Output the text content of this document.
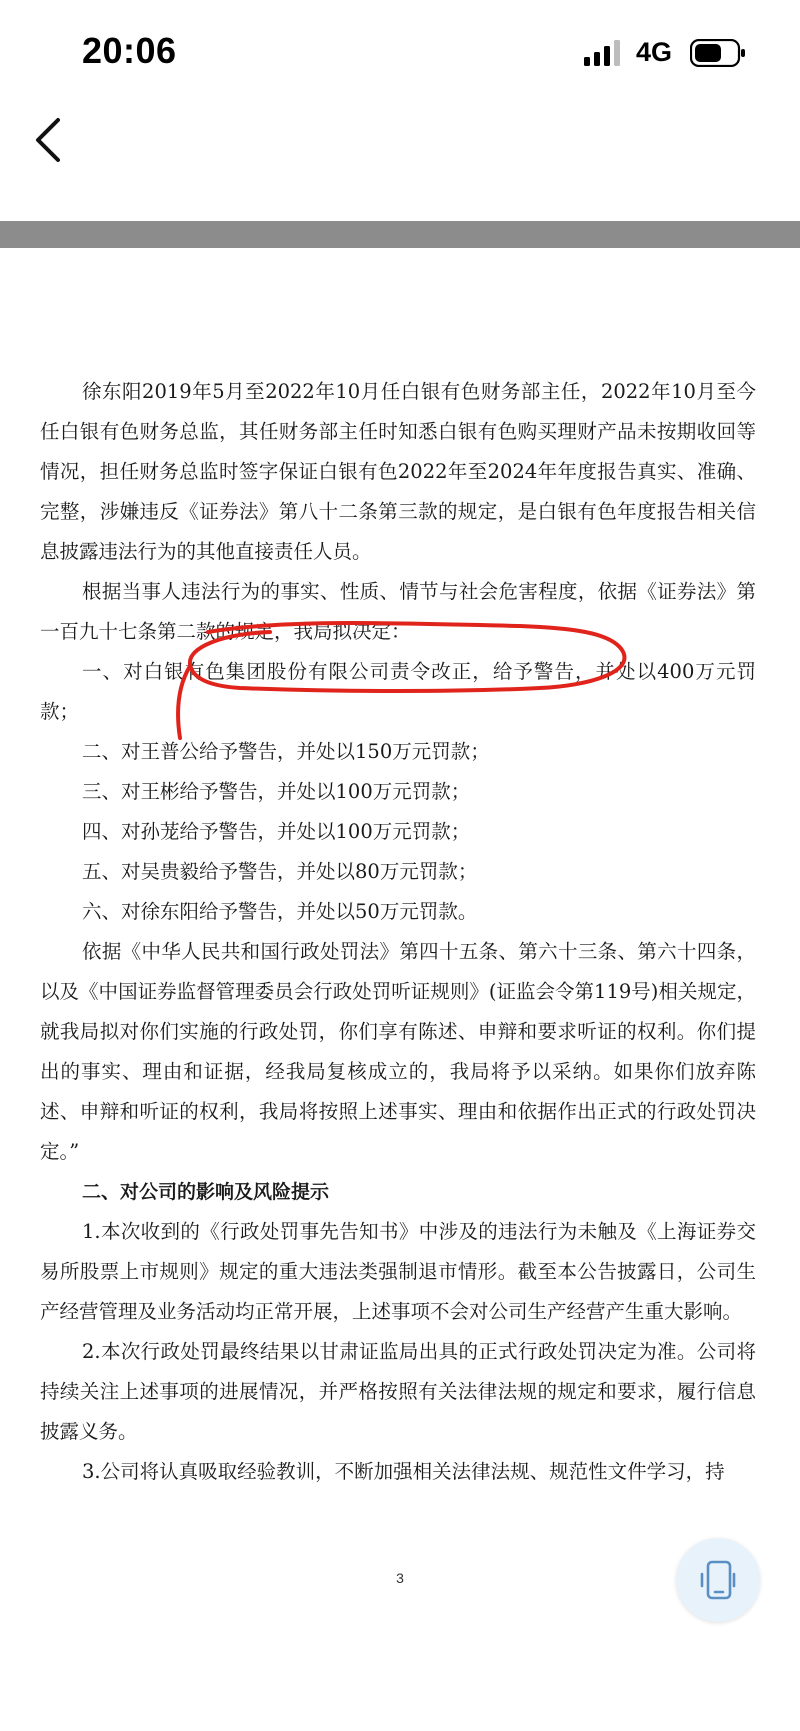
20:06	4G

徐东阳2019年5月至2022年10月任白银有色财务部主任，2022年10月至今任白银有色财务总监，其任财务部主任时知悉白银有色购买理财产品未按期收回等情况，担任财务总监时签字保证白银有色2022年至2024年年度报告真实、准确、完整，涉嫌违反《证券法》第八十二条第三款的规定，是白银有色年度报告相关信息披露违法行为的其他直接责任人员。

根据当事人违法行为的事实、性质、情节与社会危害程度，依据《证券法》第一百九十七条第二款的规定，我局拟决定：

一、对白银有色集团股份有限公司责令改正，给予警告，并处以400万元罚款；

二、对王普公给予警告，并处以150万元罚款；

三、对王彬给予警告，并处以100万元罚款；

四、对孙茏给予警告，并处以100万元罚款；

五、对吴贵毅给予警告，并处以80万元罚款；

六、对徐东阳给予警告，并处以50万元罚款。

依据《中华人民共和国行政处罚法》第四十五条、第六十三条、第六十四条，以及《中国证券监督管理委员会行政处罚听证规则》(证监会令第119号)相关规定，就我局拟对你们实施的行政处罚，你们享有陈述、申辩和要求听证的权利。你们提出的事实、理由和证据，经我局复核成立的，我局将予以采纳。如果你们放弃陈述、申辩和听证的权利，我局将按照上述事实、理由和依据作出正式的行政处罚决定。”

二、对公司的影响及风险提示

1.本次收到的《行政处罚事先告知书》中涉及的违法行为未触及《上海证券交易所股票上市规则》规定的重大违法类强制退市情形。截至本公告披露日，公司生产经营管理及业务活动均正常开展，上述事项不会对公司生产经营产生重大影响。

2.本次行政处罚最终结果以甘肃证监局出具的正式行政处罚决定为准。公司将持续关注上述事项的进展情况，并严格按照有关法律法规的规定和要求，履行信息披露义务。

3.公司将认真吸取经验教训，不断加强相关法律法规、规范性文件学习，持

3
